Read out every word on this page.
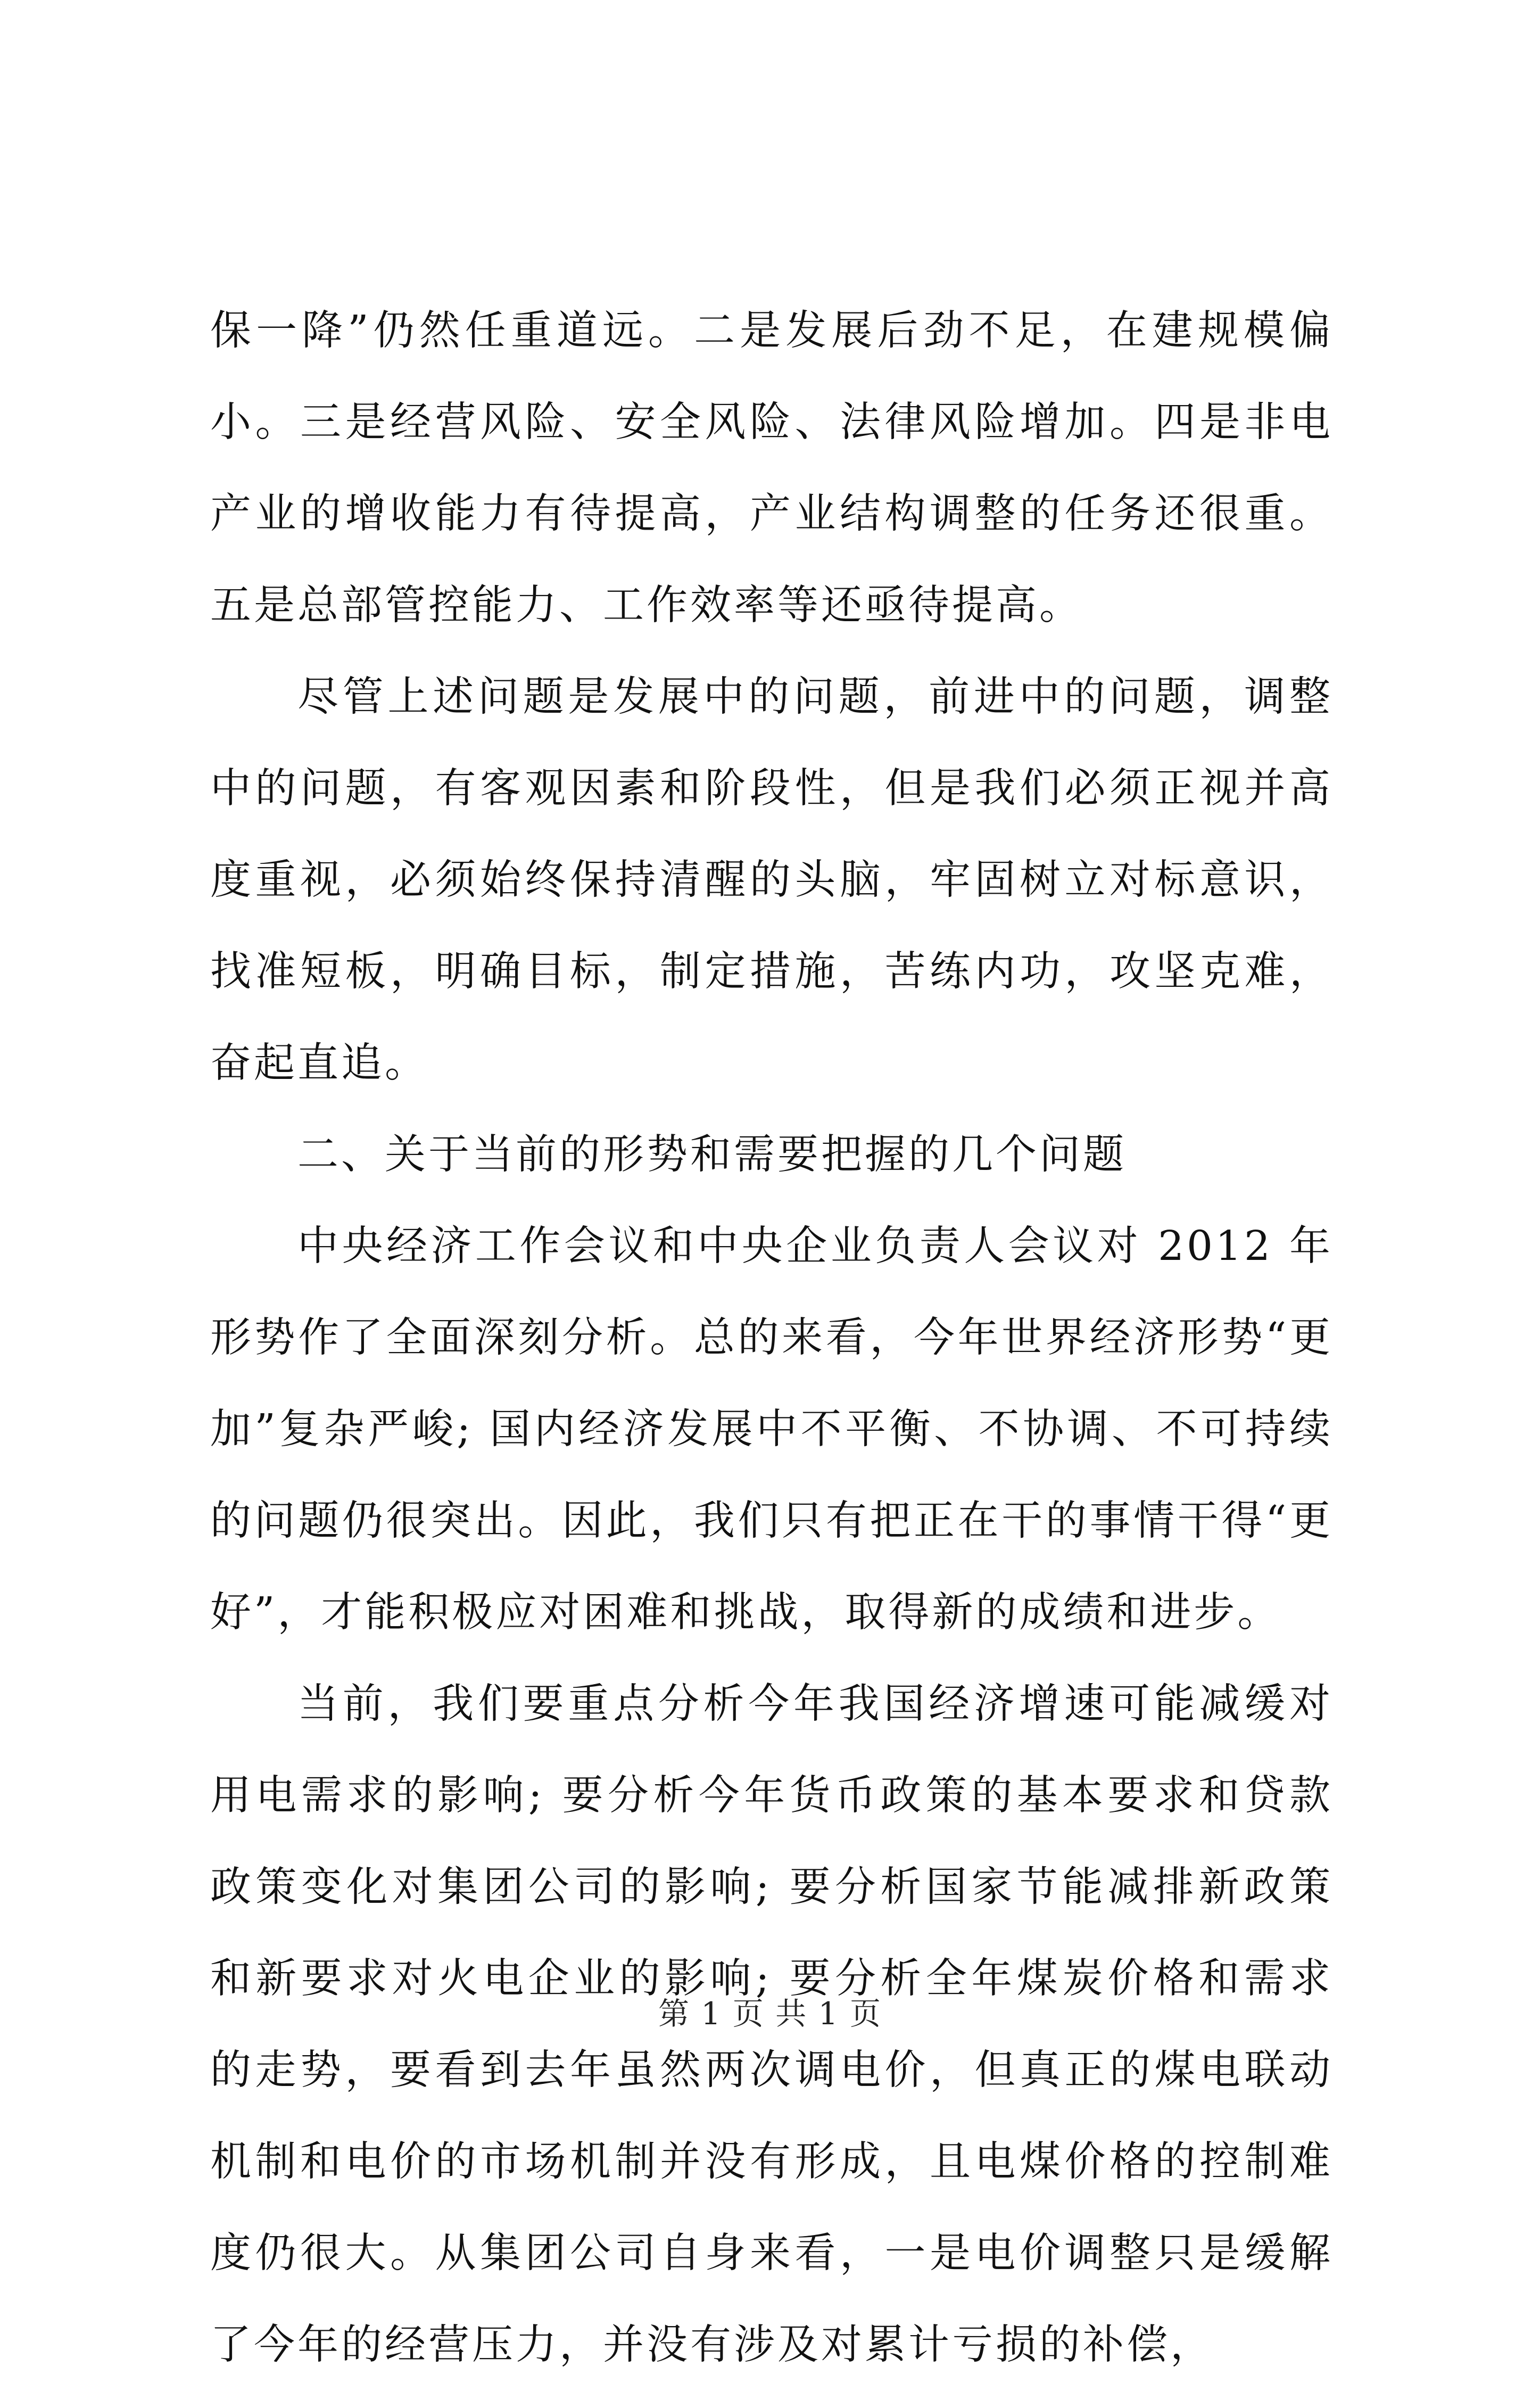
保一降”仍然任重道远。二是发展后劲不足，在建规模偏小。三是经营风险、安全风险、法律风险增加。四是非电产业的增收能力有待提高，产业结构调整的任务还很重。五是总部管控能力、工作效率等还亟待提高。

尽管上述问题是发展中的问题，前进中的问题，调整中的问题，有客观因素和阶段性，但是我们必须正视并高度重视，必须始终保持清醒的头脑，牢固树立对标意识，找准短板，明确目标，制定措施，苦练内功，攻坚克难，奋起直追。

二、关于当前的形势和需要把握的几个问题

中央经济工作会议和中央企业负责人会议对 2012 年形势作了全面深刻分析。总的来看，今年世界经济形势“更加”复杂严峻; 国内经济发展中不平衡、不协调、不可持续的问题仍很突出。因此，我们只有把正在干的事情干得“更好”，才能积极应对困难和挑战，取得新的成绩和进步。

当前，我们要重点分析今年我国经济增速可能减缓对用电需求的影响; 要分析今年货币政策的基本要求和贷款政策变化对集团公司的影响; 要分析国家节能减排新政策和新要求对火电企业的影响; 要分析全年煤炭价格和需求的走势，要看到去年虽然两次调电价，但真正的煤电联动机制和电价的市场机制并没有形成，且电煤价格的控制难度仍很大。从集团公司自身来看，一是电价调整只是缓解了今年的经营压力，并没有涉及对累计亏损的补偿，

第 1 页 共 1 页
